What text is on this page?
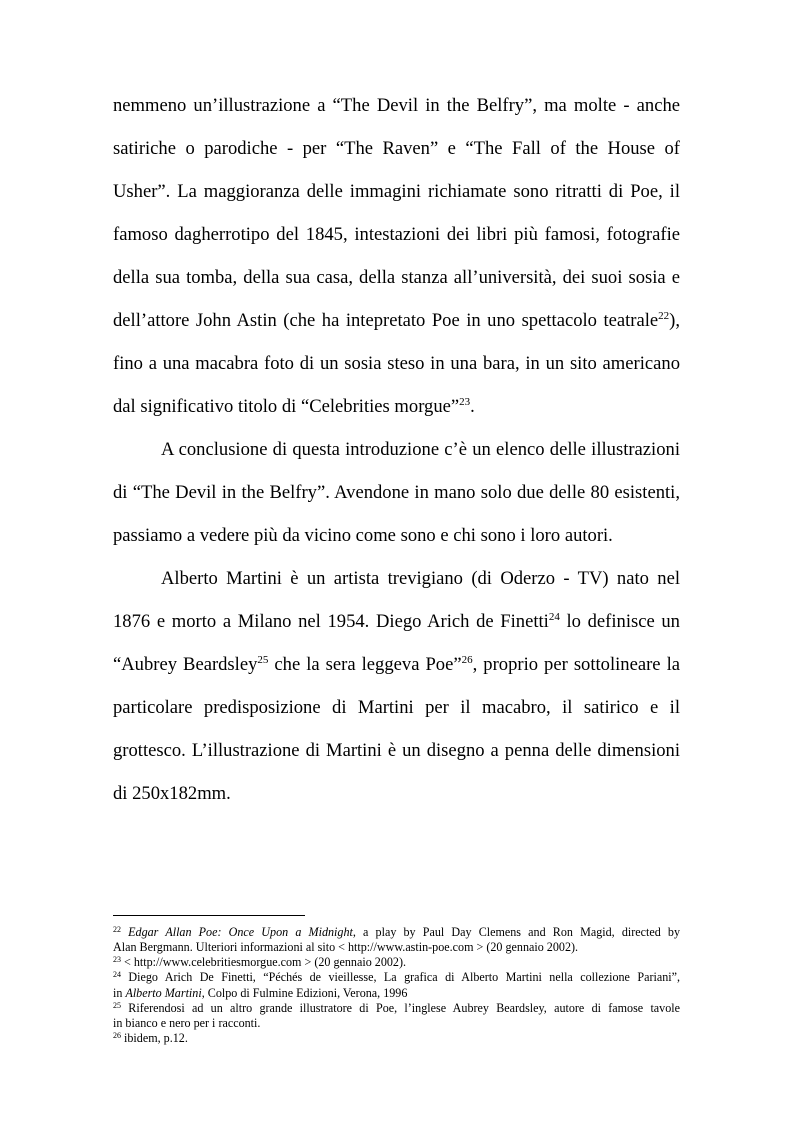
nemmeno un’illustrazione a “The Devil in the Belfry”, ma molte - anche
satiriche o parodiche - per “The Raven” e “The Fall of the House of
Usher”. La maggioranza delle immagini richiamate sono ritratti di Poe, il
famoso dagherrotipo del 1845, intestazioni dei libri più famosi, fotografie
della sua tomba, della sua casa, della stanza all’università, dei suoi sosia e
dell’attore John Astin (che ha intepretato Poe in uno spettacolo teatrale$^{22}$),
fino a una macabra foto di un sosia steso in una bara, in un sito americano
dal significativo titolo di “Celebrities morgue”$^{23}$.
A conclusione di questa introduzione c’è un elenco delle illustrazioni
di “The Devil in the Belfry”. Avendone in mano solo due delle 80 esistenti,
passiamo a vedere più da vicino come sono e chi sono i loro autori.
Alberto Martini è un artista trevigiano (di Oderzo - TV) nato nel
1876 e morto a Milano nel 1954. Diego Arich de Finetti$^{24}$ lo definisce un
“Aubrey Beardsley$^{25}$ che la sera leggeva Poe”$^{26}$, proprio per sottolineare la
particolare predisposizione di Martini per il macabro, il satirico e il
grottesco. L’illustrazione di Martini è un disegno a penna delle dimensioni
di 250x182mm.
$^{22}$ Edgar Allan Poe: Once Upon a Midnight, a play by Paul Day Clemens and Ron Magid, directed by
Alan Bergmann. Ulteriori informazioni al sito < http://www.astin-poe.com > (20 gennaio 2002).
$^{23}$ < http://www.celebritiesmorgue.com > (20 gennaio 2002).
$^{24}$ Diego Arich De Finetti, “Péchés de vieillesse, La grafica di Alberto Martini nella collezione Pariani”,
in Alberto Martini, Colpo di Fulmine Edizioni, Verona, 1996
$^{25}$ Riferendosi ad un altro grande illustratore di Poe, l’inglese Aubrey Beardsley, autore di famose tavole
in bianco e nero per i racconti.
$^{26}$ ibidem, p.12.
